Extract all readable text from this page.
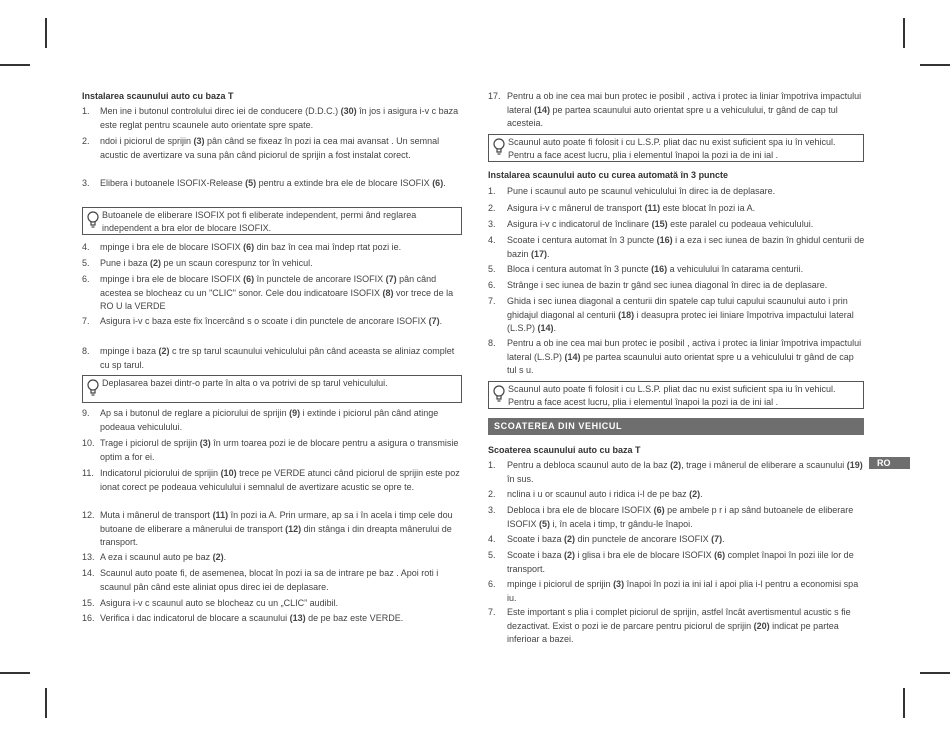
Instalarea scaunului auto cu baza T
1.	Men ine i butonul controlului direc iei de conducere (D.D.C.) (30) în jos i asigura i-v c baza este reglat pentru scaunele auto orientate spre spate.
2.	ndoi i piciorul de sprijin (3) pân când se fixeaz în pozi ia cea mai avansat . Un semnal acustic de avertizare va suna pân când piciorul de sprijin a fost instalat corect.
3.	Elibera i butoanele ISOFIX-Release (5) pentru a extinde bra ele de blocare ISOFIX (6).
Butoanele de eliberare ISOFIX pot fi eliberate independent, permi ând reglarea independent a bra elor de blocare ISOFIX.
4.	mpinge i bra ele de blocare ISOFIX (6) din baz în cea mai îndep rtat pozi ie.
5.	Pune i baza (2) pe un scaun corespunz tor în vehicul.
6.	mpinge i bra ele de blocare ISOFIX (6) în punctele de ancorare ISOFIX (7) pân când acestea se blocheaz cu un "CLIC" sonor. Cele dou indicatoare ISOFIX (8) vor trece de la RO U la VERDE
7.	Asigura i-v c baza este fix încercând s o scoate i din punctele de ancorare ISOFIX (7).
8.	mpinge i baza (2) c tre sp tarul scaunului vehiculului pân când aceasta se aliniaz complet cu sp tarul.
Deplasarea bazei dintr-o parte în alta o va potrivi de sp tarul vehiculului.
9.	Ap sa i butonul de reglare a piciorului de sprijin (9) i extinde i piciorul pân când atinge podeaua vehiculului.
10. Trage i piciorul de sprijin (3) în urm toarea pozi ie de blocare pentru a asigura o transmisie optim a for ei.
11. Indicatorul piciorului de sprijin (10) trece pe VERDE atunci când piciorul de sprijin este poz ionat corect pe podeaua vehiculului i semnalul de avertizare acustic se opre te.
12. Muta i mânerul de transport (11) în pozi ia A. Prin urmare, ap sa i în acela i timp cele dou butoane de eliberare a mânerului de transport (12) din stânga i din dreapta mânerului de transport.
13. A eza i scaunul auto pe baz (2).
14. Scaunul auto poate fi, de asemenea, blocat în pozi ia sa de intrare pe baz . Apoi roti i scaunul pân când este aliniat opus direc iei de deplasare.
15. Asigura i-v c scaunul auto se blocheaz cu un „CLIC” audibil.
16. Verifica i dac indicatorul de blocare a scaunului (13) de pe baz este VERDE.
17. Pentru a ob ine cea mai bun protec ie posibil , activa i protec ia liniar împotriva impactului lateral (14) pe partea scaunului auto orientat spre u a vehiculului, tr gând de cap tul acesteia.
Scaunul auto poate fi folosit i cu L.S.P. pliat dac nu exist suficient spa iu în vehicul. Pentru a face acest lucru, plia i elementul înapoi la pozi ia de ini ial .
Instalarea scaunului auto cu curea automată în 3 puncte
1.	Pune i scaunul auto pe scaunul vehiculului în direc ia de deplasare.
2.	Asigura i-v c mânerul de transport (11) este blocat în pozi ia A.
3.	Asigura i-v c indicatorul de înclinare (15) este paralel cu podeaua vehiculului.
4.	Scoate i centura automat în 3 puncte (16) i a eza i sec iunea de bazin în ghidul centurii de bazin (17).
5.	Bloca i centura automat în 3 puncte (16) a vehiculului în catarama centurii.
6.	Strânge i sec iunea de bazin tr gând sec iunea diagonal în direc ia de deplasare.
7.	Ghida i sec iunea diagonal a centurii din spatele cap tului capului scaunului auto i prin ghidajul diagonal al centurii (18) i deasupra protec iei liniare împotriva impactului lateral (L.S.P) (14).
8.	Pentru a ob ine cea mai bun protec ie posibil , activa i protec ia liniar împotriva impactului lateral (L.S.P) (14) pe partea scaunului auto orientat spre u a vehiculului tr gând de cap tul s u.
Scaunul auto poate fi folosit i cu L.S.P. pliat dac nu exist suficient spa iu în vehicul. Pentru a face acest lucru, plia i elementul înapoi la pozi ia de ini ial .
SCOATEREA DIN VEHICUL
Scoaterea scaunului auto cu baza T
1.	Pentru a debloca scaunul auto de la baz (2), trage i mânerul de eliberare a scaunului (19) în sus.
2.	nclina i u or scaunul auto i ridica i-l de pe baz (2).
3.	Debloca i bra ele de blocare ISOFIX (6) pe ambele p r i ap sând butoanele de eliberare ISOFIX (5) i, în acela i timp, tr gându-le înapoi.
4.	Scoate i baza (2) din punctele de ancorare ISOFIX (7).
5.	Scoate i baza (2) i glisa i bra ele de blocare ISOFIX (6) complet înapoi în pozi iile lor de transport.
6.	mpinge i piciorul de sprijin (3) înapoi în pozi ia ini ial i apoi plia i-l pentru a economisi spa iu.
7.	Este important s plia i complet piciorul de sprijin, astfel încât avertismentul acustic s fie dezactivat. Exist o pozi ie de parcare pentru piciorul de sprijin (20) indicat pe partea inferioar a bazei.
RO
